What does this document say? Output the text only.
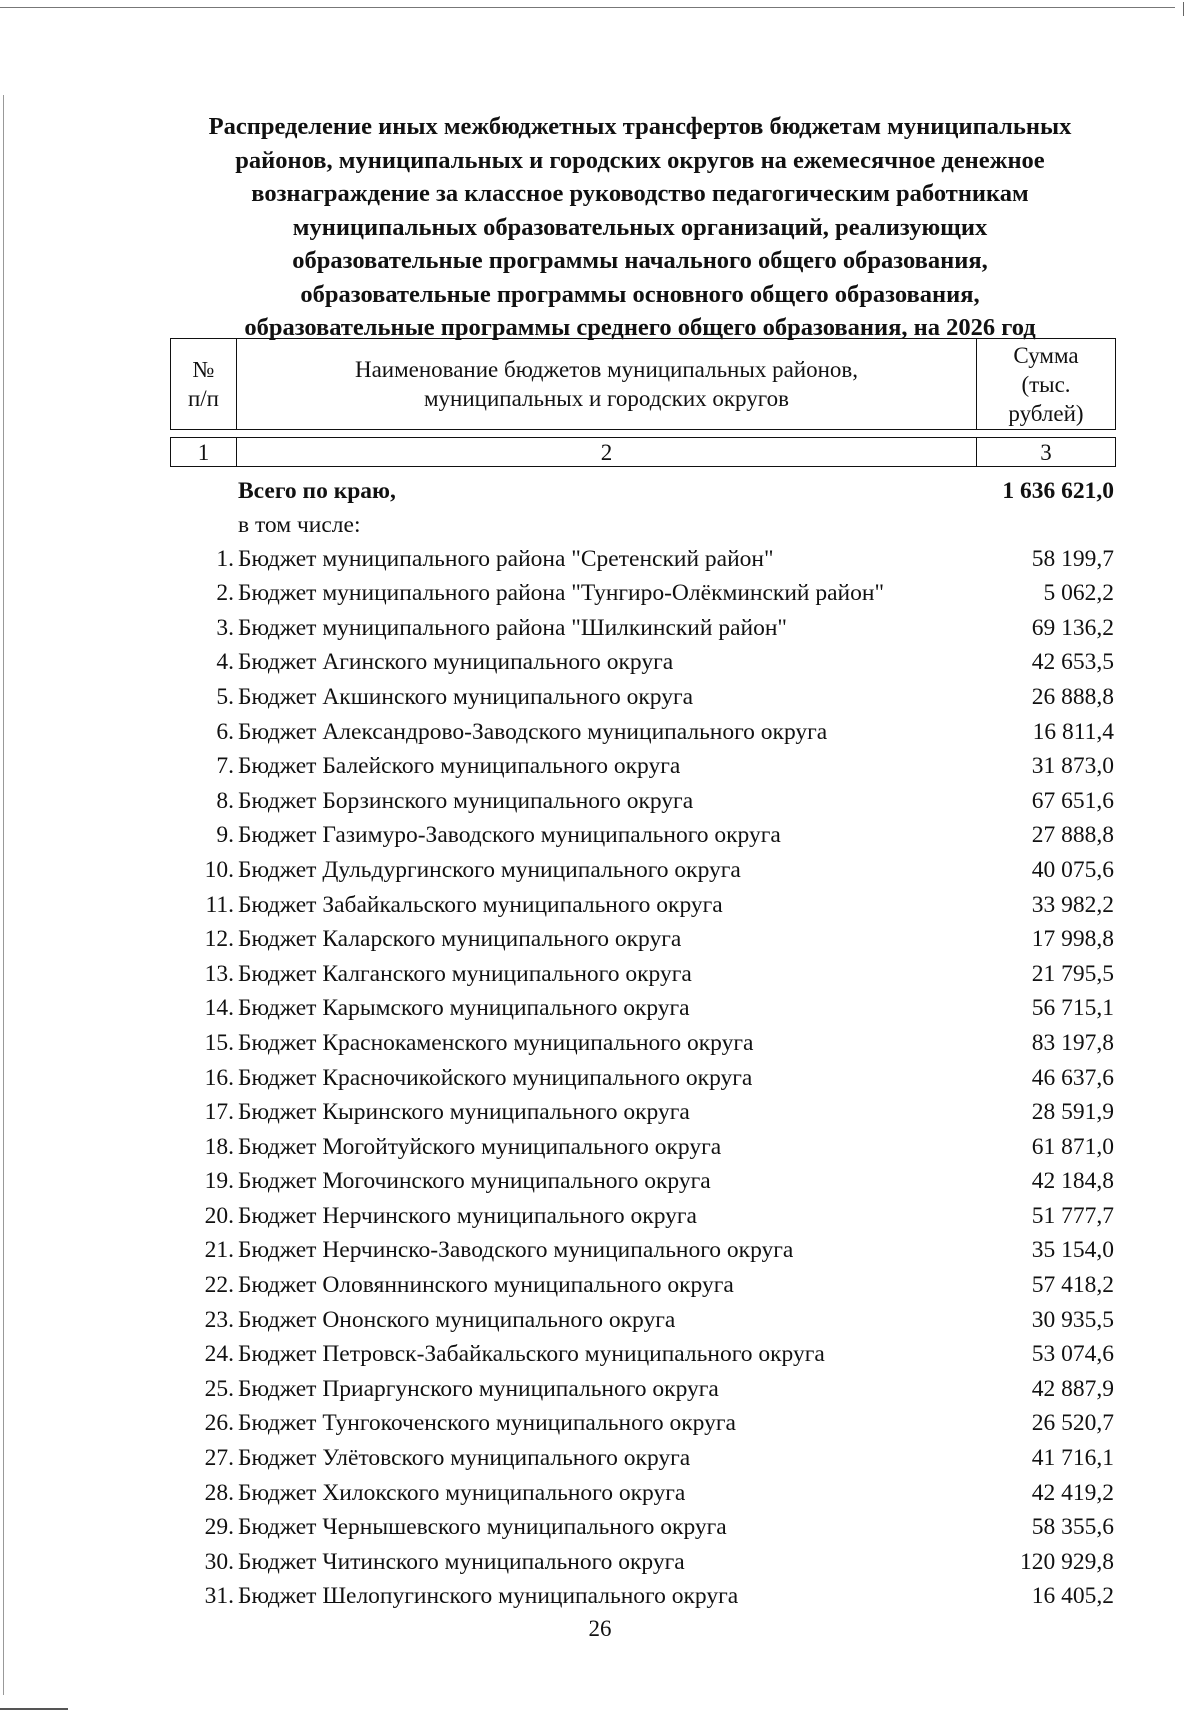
Распределение иных межбюджетных трансфертов бюджетам муниципальных
районов, муниципальных и городских округов на ежемесячное денежное
вознаграждение за классное руководство педагогическим работникам
муниципальных образовательных организаций, реализующих
образовательные программы начального общего образования,
образовательные программы основного общего образования,
образовательные программы среднего общего образования, на 2026 год
№
п/п

Наименование бюджетов муниципальных районов,
муниципальных и городских округов

Сумма
(тыс.
рублей)
1	2	3
Всего по краю,	1 636 621,0
в том числе:
1. Бюджет муниципального района "Сретенский район"	58 199,7
2. Бюджет муниципального района "Тунгиро-Олёкминский район"	5 062,2
3. Бюджет муниципального района "Шилкинский район"	69 136,2
4. Бюджет Агинского муниципального округа	42 653,5
5. Бюджет Акшинского муниципального округа	26 888,8
6. Бюджет Александрово-Заводского муниципального округа	16 811,4
7. Бюджет Балейского муниципального округа	31 873,0
8. Бюджет Борзинского муниципального округа	67 651,6
9. Бюджет Газимуро-Заводского муниципального округа	27 888,8
10. Бюджет Дульдургинского муниципального округа	40 075,6
11. Бюджет Забайкальского муниципального округа	33 982,2
12. Бюджет Каларского муниципального округа	17 998,8
13. Бюджет Калганского муниципального округа	21 795,5
14. Бюджет Карымского муниципального округа	56 715,1
15. Бюджет Краснокаменского муниципального округа	83 197,8
16. Бюджет Красночикойского муниципального округа	46 637,6
17. Бюджет Кыринского муниципального округа	28 591,9
18. Бюджет Могойтуйского муниципального округа	61 871,0
19. Бюджет Могочинского муниципального округа	42 184,8
20. Бюджет Нерчинского муниципального округа	51 777,7
21. Бюджет Нерчинско-Заводского муниципального округа	35 154,0
22. Бюджет Оловяннинского муниципального округа	57 418,2
23. Бюджет Ононского муниципального округа	30 935,5
24. Бюджет Петровск-Забайкальского муниципального округа	53 074,6
25. Бюджет Приаргунского муниципального округа	42 887,9
26. Бюджет Тунгокоченского муниципального округа	26 520,7
27. Бюджет Улётовского муниципального округа	41 716,1
28. Бюджет Хилокского муниципального округа	42 419,2
29. Бюджет Чернышевского муниципального округа	58 355,6
30. Бюджет Читинского муниципального округа	120 929,8
31. Бюджет Шелопугинского муниципального округа	16 405,2
26
